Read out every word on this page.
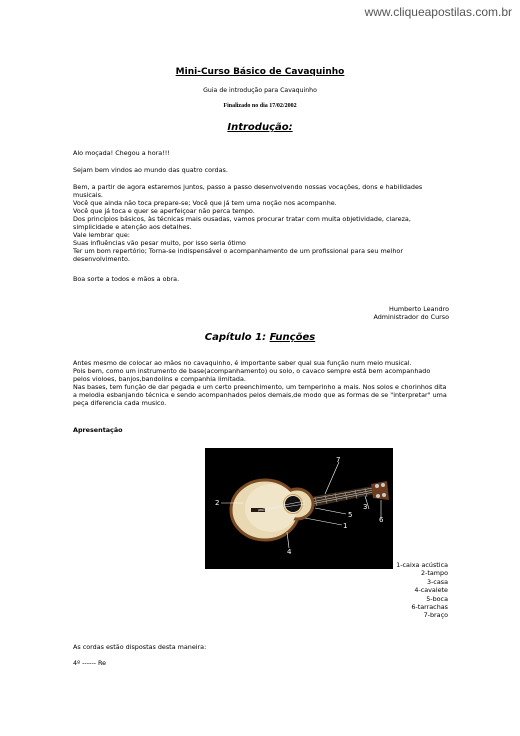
www.cliqueapostilas.com.br
Mini-Curso Básico de Cavaquinho
Guia de introdução para Cavaquinho
Finalizado no dia 17/02/2002
Introdução:
Alo moçada! Chegou a hora!!!
Sejam bem vindos ao mundo das quatro cordas.
Bem, a partir de agora estaremos juntos, passo a passo desenvolvendo nossas vocações, dons e habilidades
musicais.
Você que ainda não toca prepare-se; Você que já tem uma noção nos acompanhe.
Você que já toca e quer se aperfeiçoar não perca tempo.
Dos princípios básicos, às técnicas mais ousadas, vamos procurar tratar com muita objetividade, clareza,
simplicidade e atenção aos detalhes.
Vale lembrar que:
Suas influências vão pesar muito, por isso seria ótimo
Ter um bom repertório; Torna-se indispensável o acompanhamento de um profissional para seu melhor
desenvolvimento.
Boa sorte a todos e mãos a obra.
Humberto Leandro
Administrador do Curso
Capítulo 1: Funções
Antes mesmo de colocar ao mãos no cavaquinho, é importante saber qual sua função num meio musical.
Pois bem, como um instrumento de base(acompanhamento) ou solo, o cavaco sempre está bem acompanhado
pelos violoes, banjos,bandolins e companhia limitada.
Nas bases, tem função de dar pegada e um certo preenchimento, um temperinho a mais. Nos solos e chorinhos dita
a melodia esbanjando técnica e sendo acompanhados pelos demais,de modo que as formas de se "interpretar" uma
peça diferencia cada musico.
Apresentação
2
4
7
1
5
3
6
1-caixa acústica
2-tampo
3-casa
4-cavalete
5-boca
6-tarrachas
7-braço
As cordas estão dispostas desta maneira:
4º ------ Re
